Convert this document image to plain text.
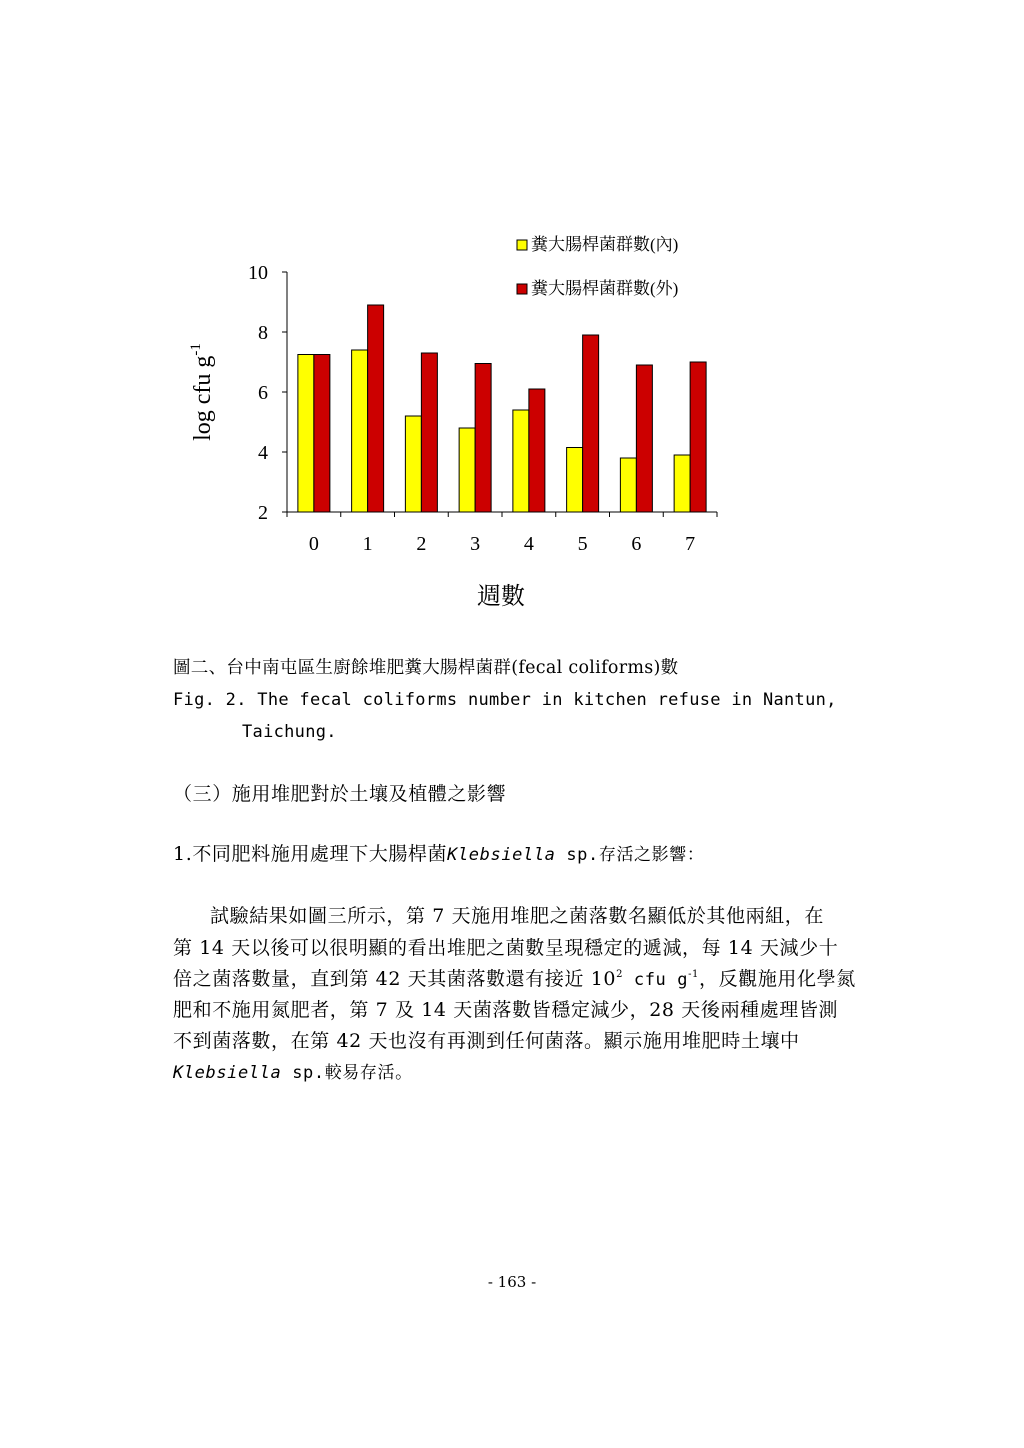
2
4
6
8
10
0 1 2 3 4 5 6 7
log cfu $g^{-1}$
週數
糞大腸桿菌群數(內)
糞大腸桿菌群數(外)

圖二、台中南屯區生廚餘堆肥糞大腸桿菌群(fecal coliforms)數

Fig. 2. The fecal coliforms number in kitchen refuse in Nantun,

Taichung.

（三）施用堆肥對於土壤及植體之影響

1.不同肥料施用處理下大腸桿菌Klebsiella sp.存活之影響：

試驗結果如圖三所示，第 7 天施用堆肥之菌落數名顯低於其他兩組，在

第 14 天以後可以很明顯的看出堆肥之菌數呈現穩定的遞減，每 14 天減少十

倍之菌落數量，直到第 42 天其菌落數還有接近 $10^2$ cfu $g^{-1}$，反觀施用化學氮

肥和不施用氮肥者，第 7 及 14 天菌落數皆穩定減少，28 天後兩種處理皆測

不到菌落數，在第 42 天也沒有再測到任何菌落。顯示施用堆肥時土壤中

Klebsiella sp.較易存活。

- 163 -
